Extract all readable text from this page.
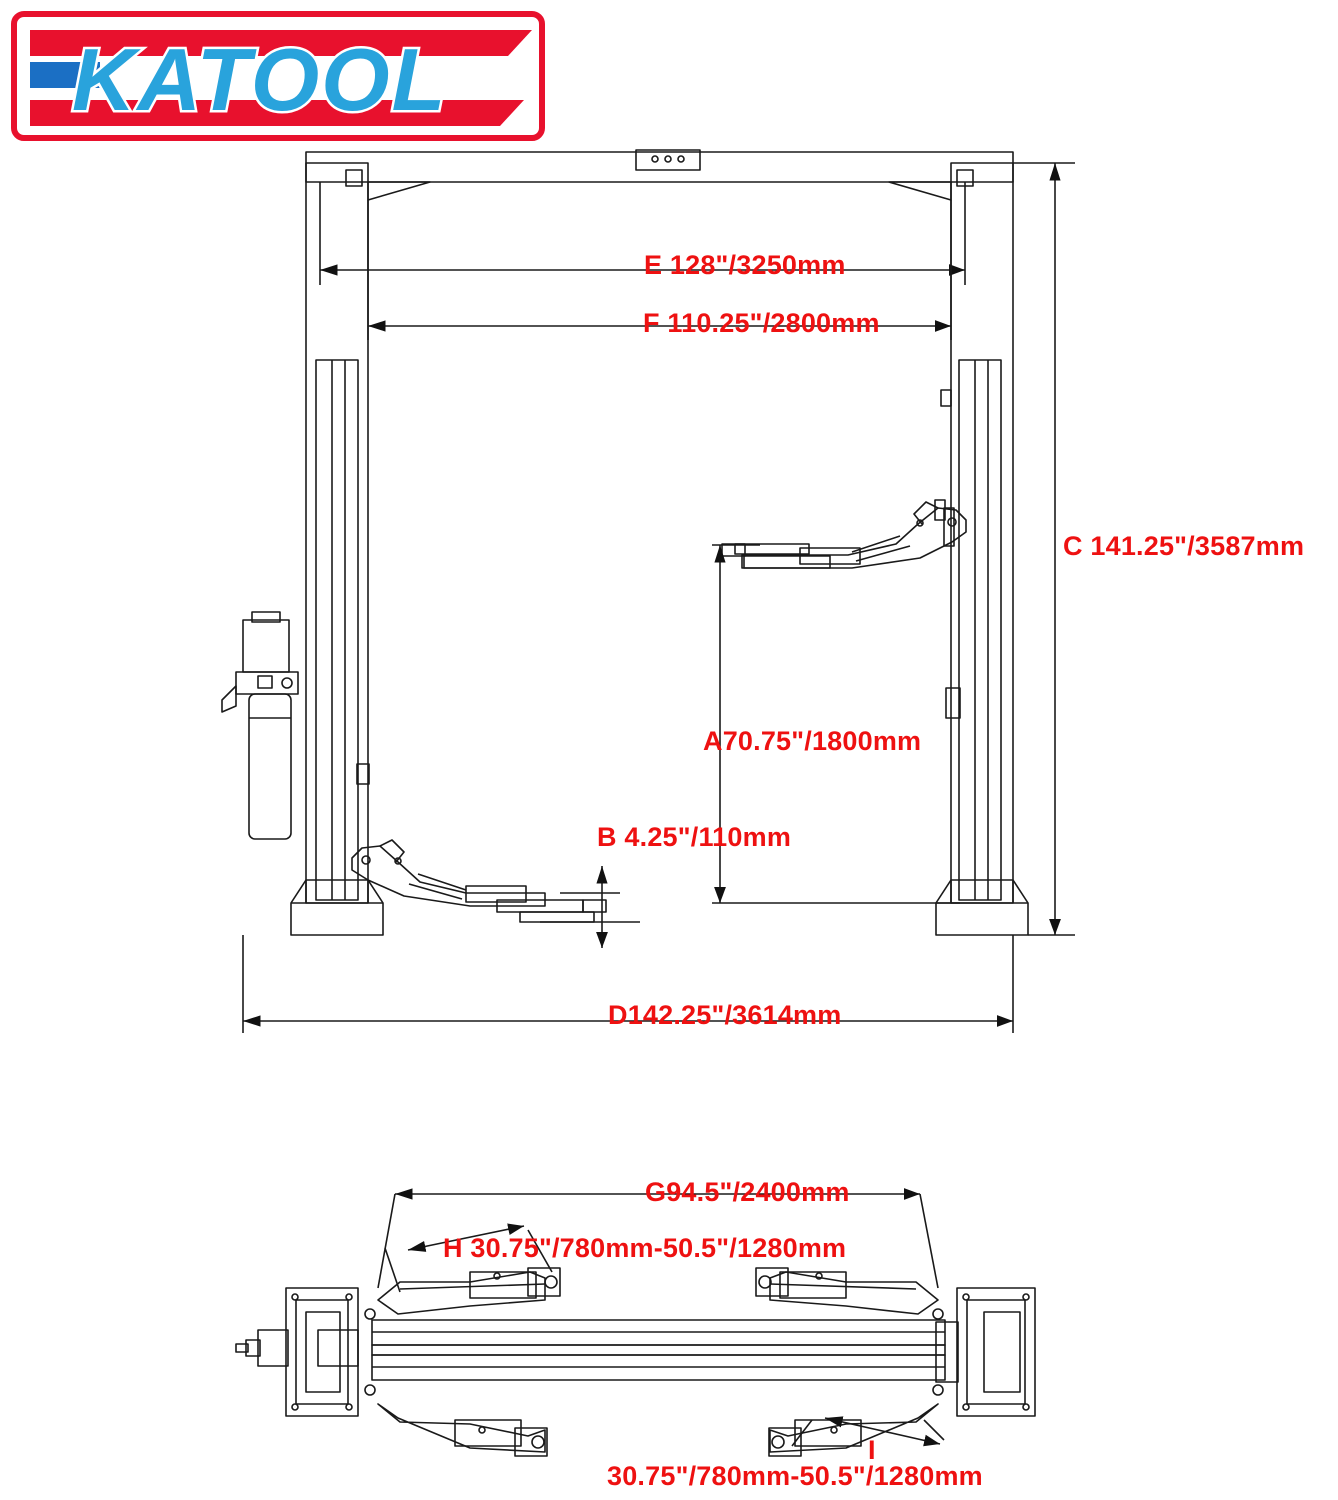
KATOOL
E 128"/3250mm
F 110.25"/2800mm
C 141.25"/3587mm
A70.75"/1800mm
B 4.25"/110mm
D142.25"/3614mm
G94.5"/2400mm
H 30.75"/780mm-50.5"/1280mm
I
30.75"/780mm-50.5"/1280mm
